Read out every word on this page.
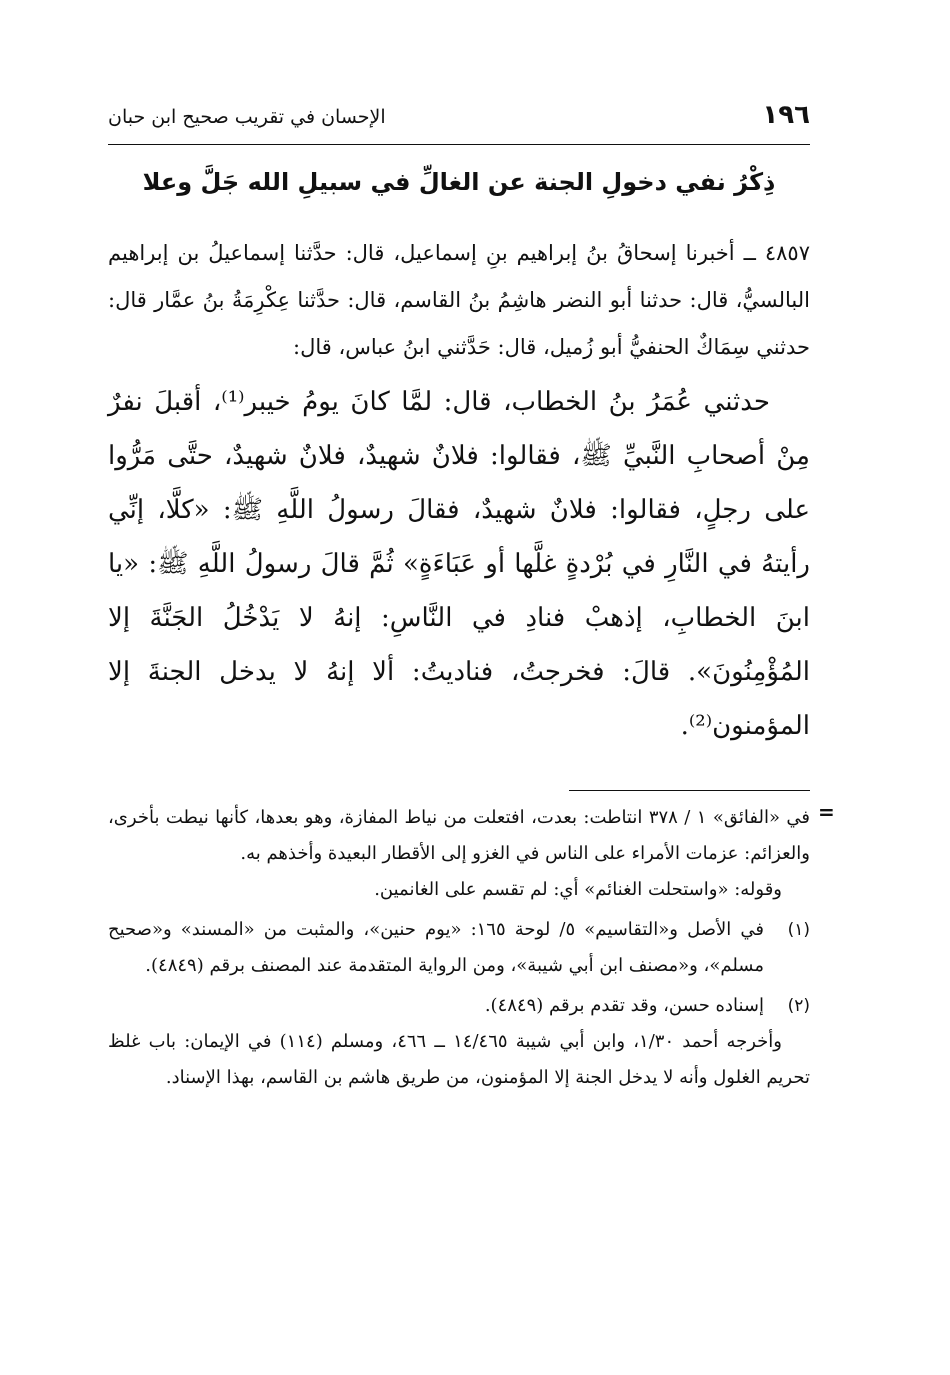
١٩٦
الإحسان في تقريب صحيح ابن حبان
ذِكْرُ نفي دخولِ الجنة عن الغالِّ في سبيلِ الله جَلَّ وعلا

٤٨٥٧ ــ أخبرنا إسحاقُ بنُ إبراهيم بنِ إسماعيل، قال: حدَّثنا إسماعيلُ بن إبراهيم البالسيُّ، قال: حدثنا أبو النضر هاشِمُ بنُ القاسم، قال: حدَّثنا عِكْرِمَةُ بنُ عمَّار قال: حدثني سِمَاكٌ الحنفيُّ أبو زُميل، قال: حَدَّثني ابنُ عباس، قال:

حدثني عُمَرُ بنُ الخطاب، قال: لمَّا كانَ يومُ خيبر⁽¹⁾، أقبلَ نفرٌ مِنْ أصحابِ النَّبيِّ ﷺ، فقالوا: فلانٌ شهيدٌ، فلانٌ شهيدٌ، حتَّى مَرُّوا على رجلٍ، فقالوا: فلانٌ شهيدٌ، فقالَ رسولُ اللَّهِ ﷺ: «كلَّا، إنِّي رأيتهُ في النَّارِ في بُرْدةٍ غلَّها أو عَبَاءَةٍ» ثُمَّ قالَ رسولُ اللَّهِ ﷺ: «يا ابنَ الخطابِ، إذهبْ فنادِ في النَّاسِ: إنهُ لا يَدْخُلُ الجَنَّةَ إلا المُؤْمِنُونَ». قالَ: فخرجتُ، فناديتُ: ألا إنهُ لا يدخل الجنةَ إلا المؤمنون⁽²⁾.

=

في «الفائق» ١ / ٣٧٨ انتاطت: بعدت، افتعلت من نياط المفازة، وهو بعدها، كأنها نيطت بأخرى، والعزائم: عزمات الأمراء على الناس في الغزو إلى الأقطار البعيدة وأخذهم به.

وقوله: «واستحلت الغنائم» أي: لم تقسم على الغانمين.

(١)
في الأصل و«التقاسيم» ٥/ لوحة ١٦٥: «يوم حنين»، والمثبت من «المسند» و«صحيح مسلم»، و«مصنف ابن أبي شيبة»، ومن الرواية المتقدمة عند المصنف برقم (٤٨٤٩).
(٢)
إسناده حسن، وقد تقدم برقم (٤٨٤٩).

وأخرجه أحمد ١/٣٠، وابن أبي شيبة ١٤/٤٦٥ ــ ٤٦٦، ومسلم (١١٤) في الإيمان: باب غلظ تحريم الغلول وأنه لا يدخل الجنة إلا المؤمنون، من طريق هاشم بن القاسم، بهذا الإسناد.
